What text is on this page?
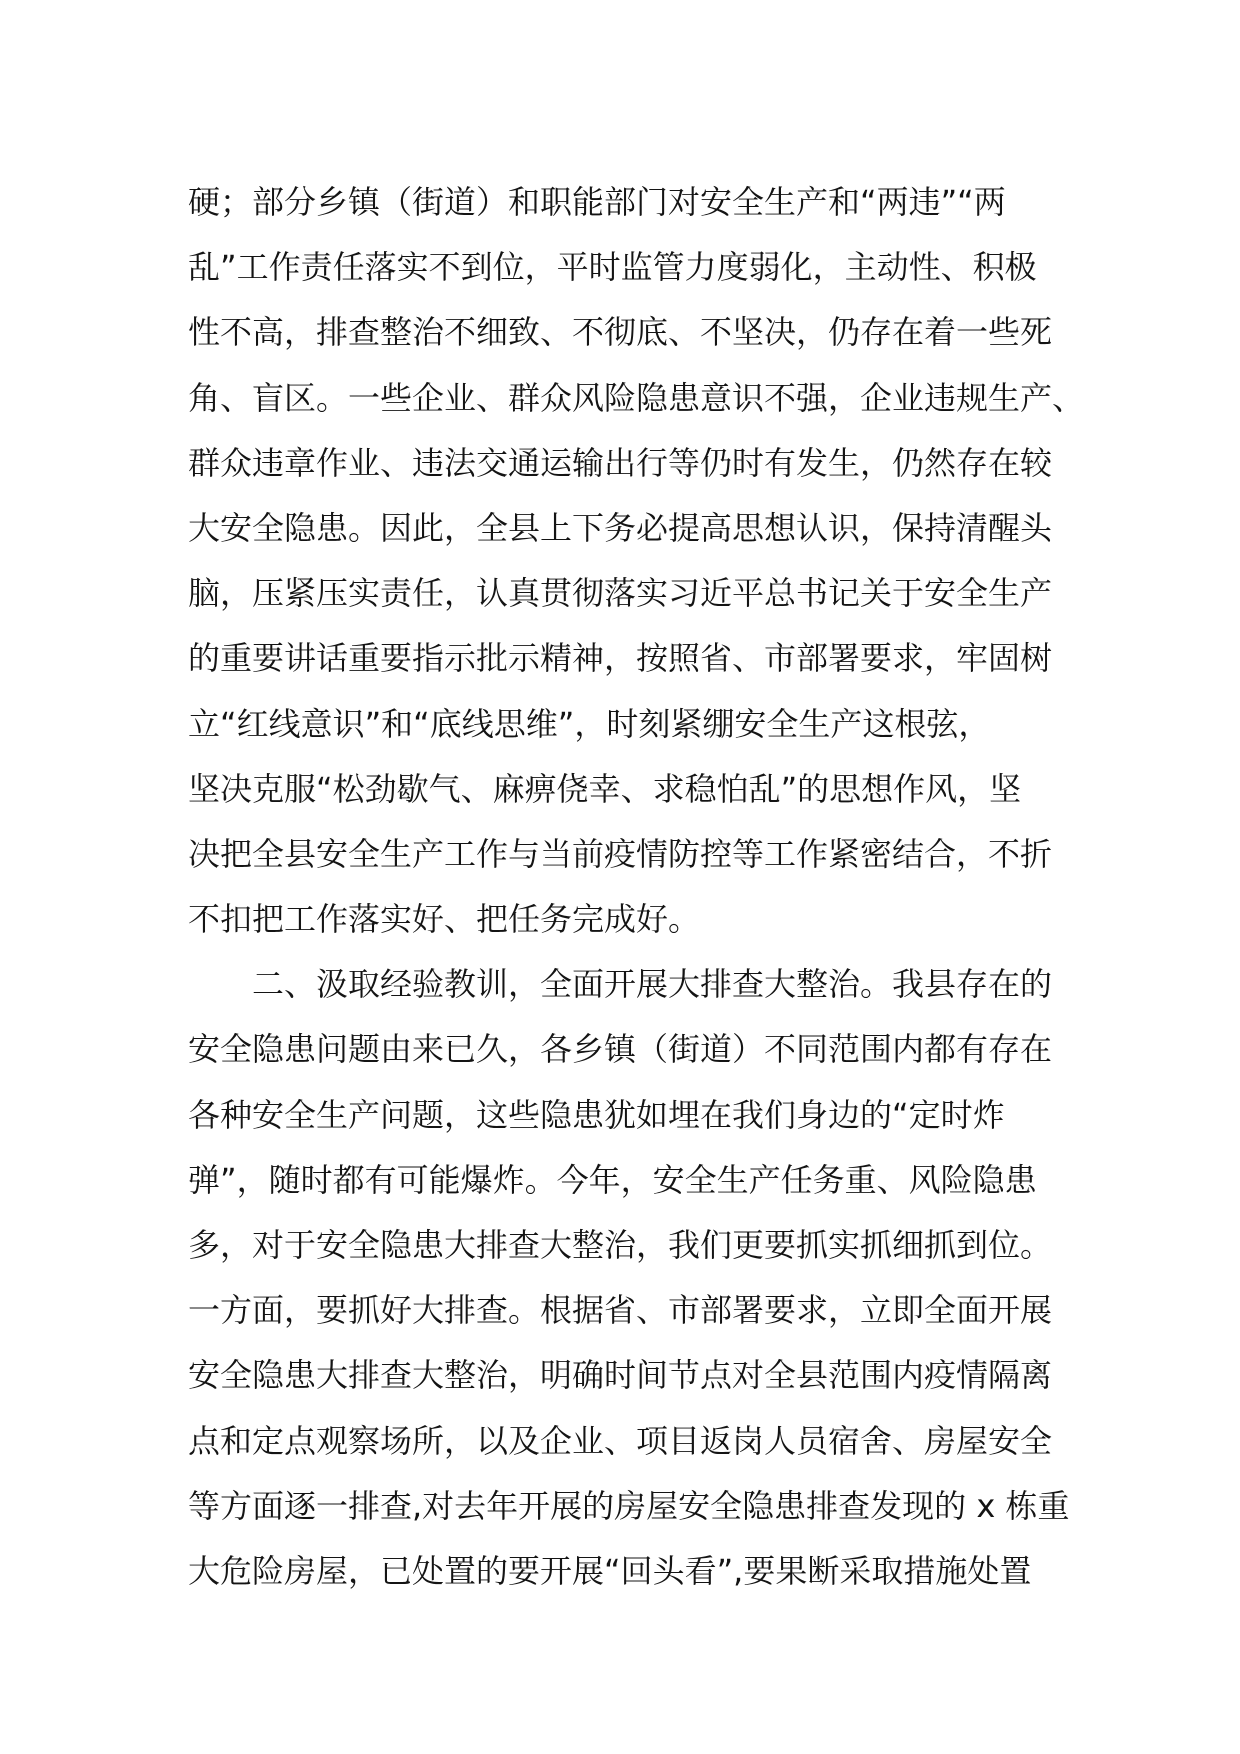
硬；部分乡镇（街道）和职能部门对安全生产和“两违”“两
乱”工作责任落实不到位，平时监管力度弱化，主动性、积极
性不高，排查整治不细致、不彻底、不坚决，仍存在着一些死
角、盲区。一些企业、群众风险隐患意识不强，企业违规生产、
群众违章作业、违法交通运输出行等仍时有发生，仍然存在较
大安全隐患。因此，全县上下务必提高思想认识，保持清醒头
脑，压紧压实责任，认真贯彻落实习近平总书记关于安全生产
的重要讲话重要指示批示精神，按照省、市部署要求，牢固树
立“红线意识”和“底线思维”，时刻紧绷安全生产这根弦，
坚决克服“松劲歇气、麻痹侥幸、求稳怕乱”的思想作风，坚
决把全县安全生产工作与当前疫情防控等工作紧密结合，不折
不扣把工作落实好、把任务完成好。
　　二、汲取经验教训，全面开展大排查大整治。我县存在的
安全隐患问题由来已久，各乡镇（街道）不同范围内都有存在
各种安全生产问题，这些隐患犹如埋在我们身边的“定时炸
弹”，随时都有可能爆炸。今年，安全生产任务重、风险隐患
多，对于安全隐患大排查大整治，我们更要抓实抓细抓到位。
一方面，要抓好大排查。根据省、市部署要求，立即全面开展
安全隐患大排查大整治，明确时间节点对全县范围内疫情隔离
点和定点观察场所，以及企业、项目返岗人员宿舍、房屋安全
等方面逐一排查,对去年开展的房屋安全隐患排查发现的 x 栋重
大危险房屋，已处置的要开展“回头看”,要果断采取措施处置
